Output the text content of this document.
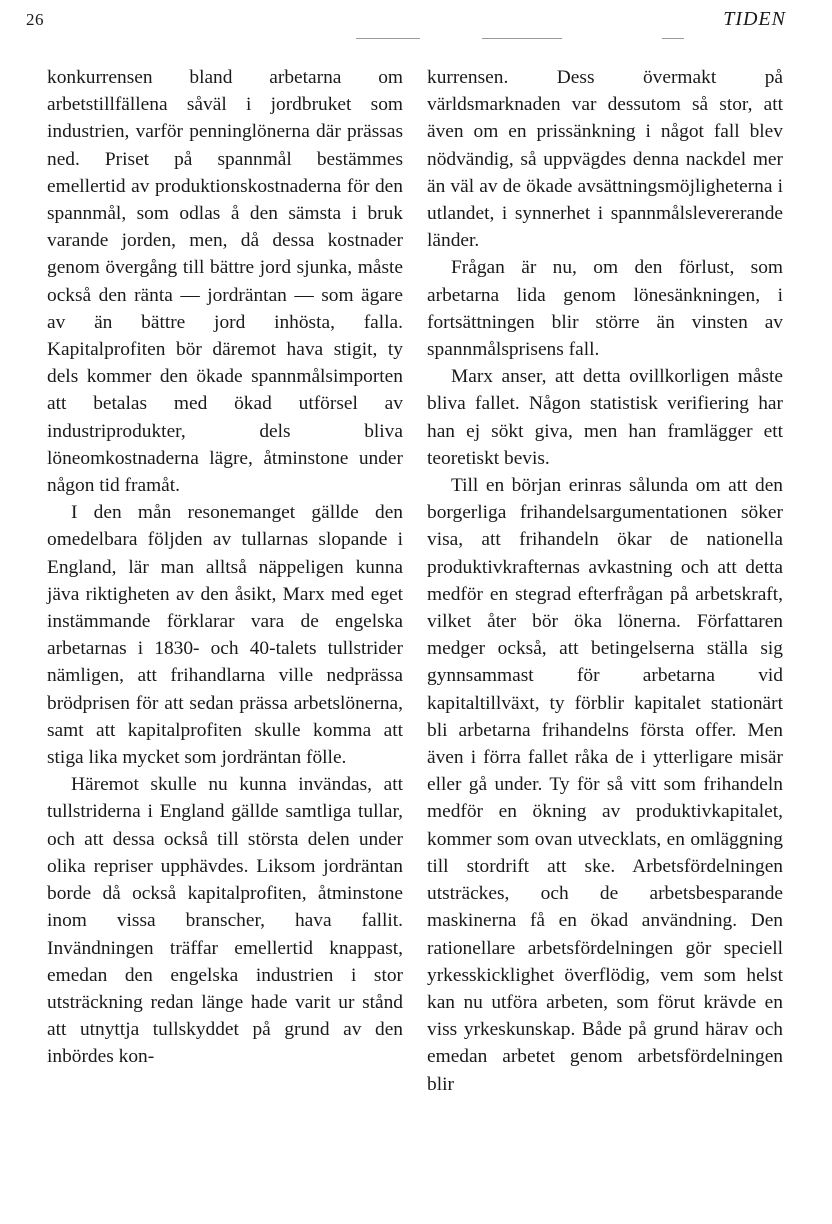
26	TIDEN

konkurrensen bland arbetarna om arbetstillfällena såväl i jordbruket som industrien, varför penninglönerna där prässas ned. Priset på spannmål bestämmes emellertid av produktionskostnaderna för den spannmål, som odlas å den sämsta i bruk varande jorden, men, då dessa kostnader genom övergång till bättre jord sjunka, måste också den ränta — jordräntan — som ägare av än bättre jord inhösta, falla. Kapitalprofiten bör däremot hava stigit, ty dels kommer den ökade spannmålsimporten att betalas med ökad utförsel av industriprodukter, dels bliva löneomkostnaderna lägre, åtminstone under någon tid framåt.

I den mån resonemanget gällde den omedelbara följden av tullarnas slopande i England, lär man alltså näppeligen kunna jäva riktigheten av den åsikt, Marx med eget instämmande förklarar vara de engelska arbetarnas i 1830- och 40-talets tullstrider nämligen, att frihandlarna ville nedprässa brödprisen för att sedan prässa arbetslönerna, samt att kapitalprofiten skulle komma att stiga lika mycket som jordräntan fölle.

Häremot skulle nu kunna invändas, att tullstriderna i England gällde samtliga tullar, och att dessa också till största delen under olika repriser upphävdes. Liksom jordräntan borde då också kapitalprofiten, åtminstone inom vissa branscher, hava fallit. Invändningen träffar emellertid knappast, emedan den engelska industrien i stor utsträckning redan länge hade varit ur stånd att utnyttja tullskyddet på grund av den inbördes kon-

kurrensen. Dess övermakt på världsmarknaden var dessutom så stor, att även om en prissänkning i något fall blev nödvändig, så uppvägdes denna nackdel mer än väl av de ökade avsättningsmöjligheterna i utlandet, i synnerhet i spannmålslevererande länder.

Frågan är nu, om den förlust, som arbetarna lida genom lönesänkningen, i fortsättningen blir större än vinsten av spannmålsprisens fall.

Marx anser, att detta ovillkorligen måste bliva fallet. Någon statistisk verifiering har han ej sökt giva, men han framlägger ett teoretiskt bevis.

Till en början erinras sålunda om att den borgerliga frihandelsargumentationen söker visa, att frihandeln ökar de nationella produktivkrafternas avkastning och att detta medför en stegrad efterfrågan på arbetskraft, vilket åter bör öka lönerna. Författaren medger också, att betingelserna ställa sig gynnsammast för arbetarna vid kapitaltillväxt, ty förblir kapitalet stationärt bli arbetarna frihandelns första offer. Men även i förra fallet råka de i ytterligare misär eller gå under. Ty för så vitt som frihandeln medför en ökning av produktivkapitalet, kommer som ovan utvecklats, en omläggning till stordrift att ske. Arbetsfördelningen utsträckes, och de arbetsbesparande maskinerna få en ökad användning. Den rationellare arbetsfördelningen gör speciell yrkesskicklighet överflödig, vem som helst kan nu utföra arbeten, som förut krävde en viss yrkeskunskap. Både på grund härav och emedan arbetet genom arbetsfördelningen blir
